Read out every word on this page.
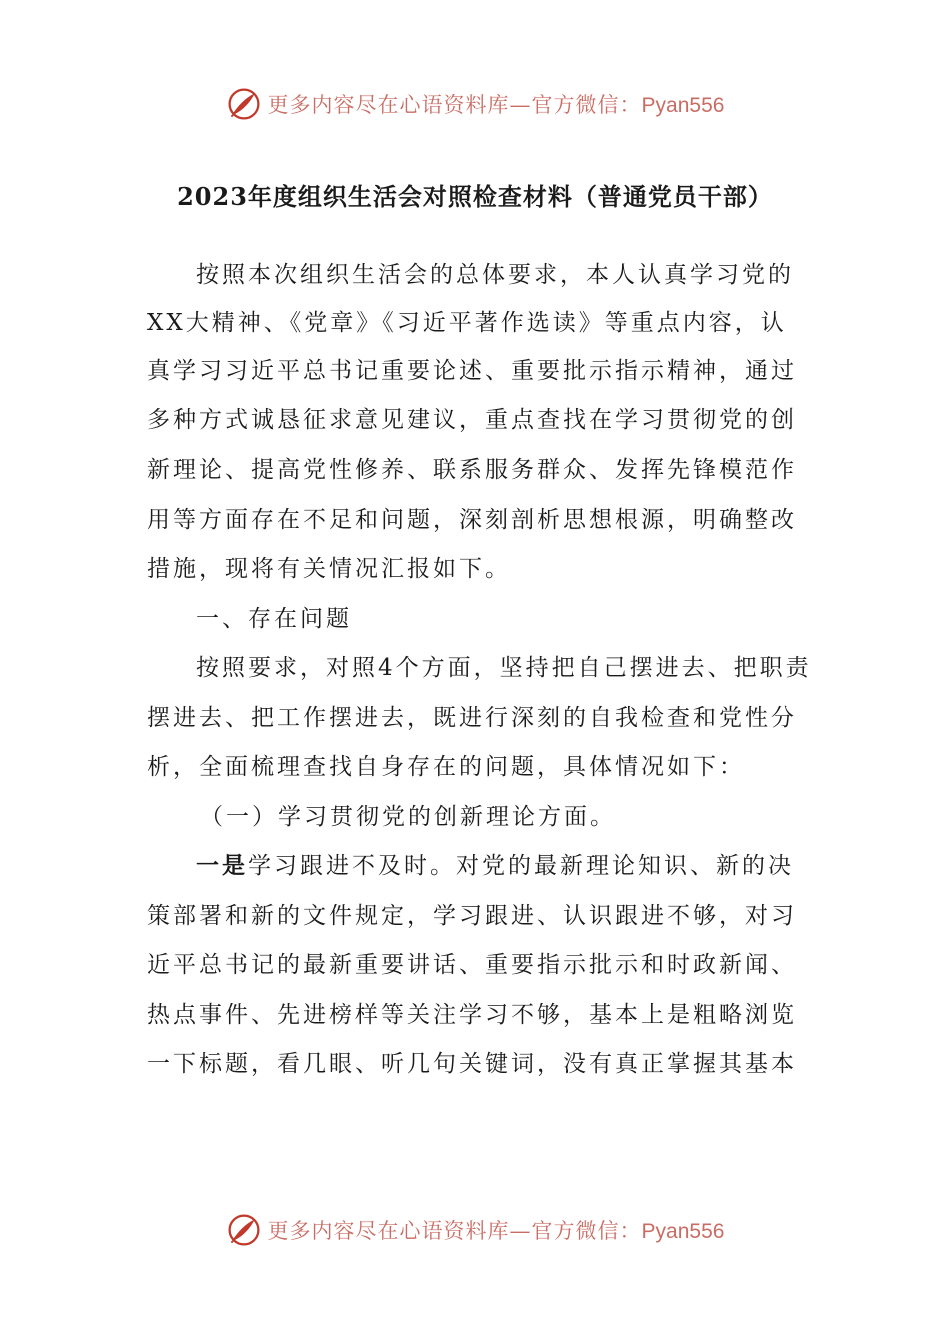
更多内容尽在心语资料库—官方微信：Pyan556
2023年度组织生活会对照检查材料（普通党员干部）
按照本次组织生活会的总体要求，本人认真学习党的
XX大精神、《党章》《习近平著作选读》等重点内容，认
真学习习近平总书记重要论述、重要批示指示精神，通过
多种方式诚恳征求意见建议，重点查找在学习贯彻党的创
新理论、提高党性修养、联系服务群众、发挥先锋模范作
用等方面存在不足和问题，深刻剖析思想根源，明确整改
措施，现将有关情况汇报如下。
一、存在问题
按照要求，对照4个方面，坚持把自己摆进去、把职责
摆进去、把工作摆进去，既进行深刻的自我检查和党性分
析，全面梳理查找自身存在的问题，具体情况如下：
（一）学习贯彻党的创新理论方面。
一是学习跟进不及时。对党的最新理论知识、新的决
策部署和新的文件规定，学习跟进、认识跟进不够，对习
近平总书记的最新重要讲话、重要指示批示和时政新闻、
热点事件、先进榜样等关注学习不够，基本上是粗略浏览
一下标题，看几眼、听几句关键词，没有真正掌握其基本
更多内容尽在心语资料库—官方微信：Pyan556
